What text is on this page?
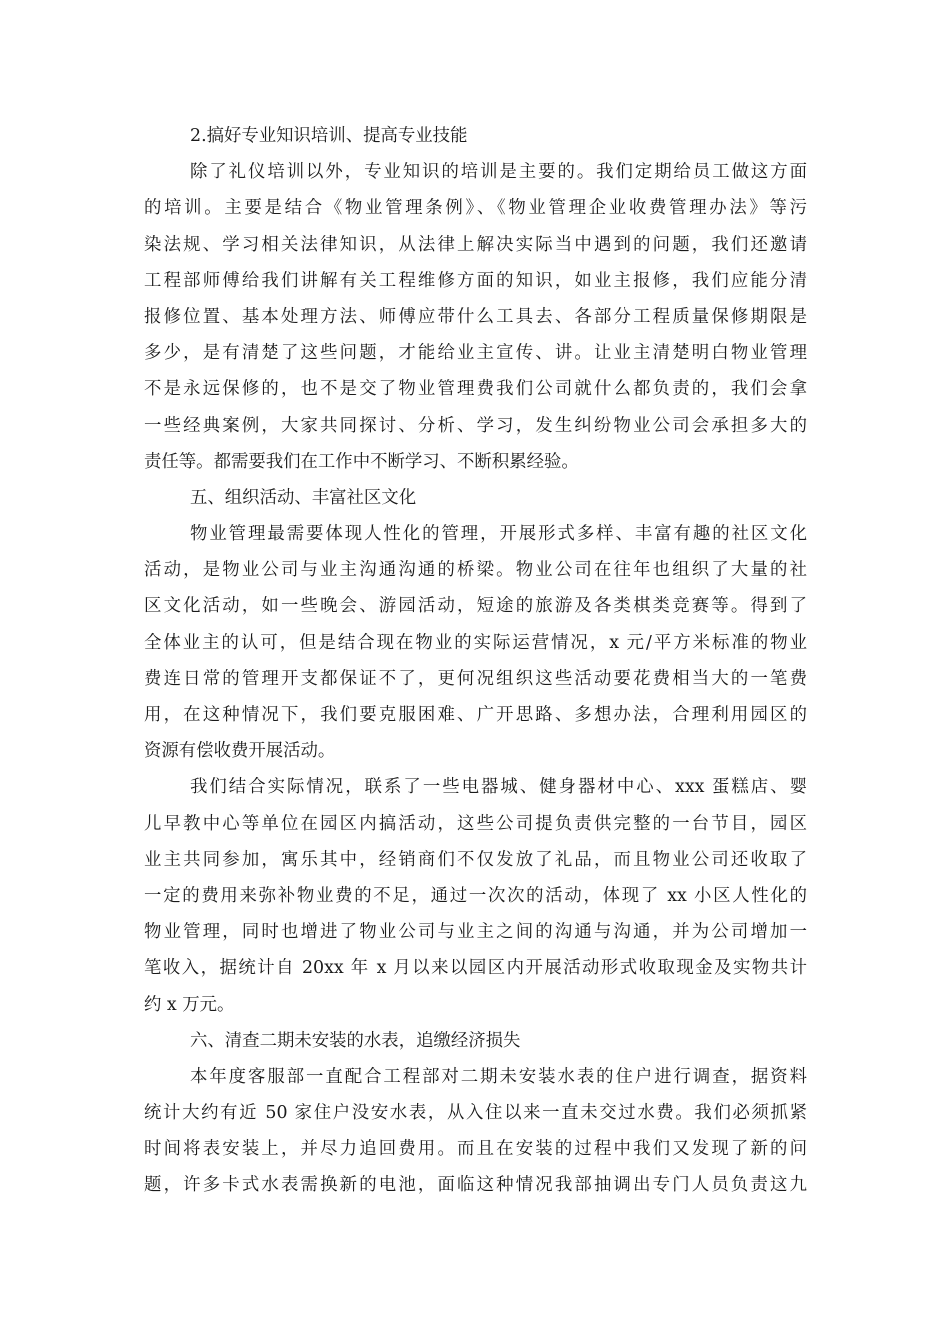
2.搞好专业知识培训、提高专业技能
除了礼仪培训以外，专业知识的培训是主要的。我们定期给员工做这方面
的培训。主要是结合《物业管理条例》、《物业管理企业收费管理办法》等污
染法规、学习相关法律知识，从法律上解决实际当中遇到的问题，我们还邀请
工程部师傅给我们讲解有关工程维修方面的知识，如业主报修，我们应能分清
报修位置、基本处理方法、师傅应带什么工具去、各部分工程质量保修期限是
多少，是有清楚了这些问题，才能给业主宣传、讲。让业主清楚明白物业管理
不是永远保修的，也不是交了物业管理费我们公司就什么都负责的，我们会拿
一些经典案例，大家共同探讨、分析、学习，发生纠纷物业公司会承担多大的
责任等。都需要我们在工作中不断学习、不断积累经验。
五、组织活动、丰富社区文化
物业管理最需要体现人性化的管理，开展形式多样、丰富有趣的社区文化
活动，是物业公司与业主沟通沟通的桥梁。物业公司在往年也组织了大量的社
区文化活动，如一些晚会、游园活动，短途的旅游及各类棋类竞赛等。得到了
全体业主的认可，但是结合现在物业的实际运营情况，x 元/平方米标准的物业
费连日常的管理开支都保证不了，更何况组织这些活动要花费相当大的一笔费
用，在这种情况下，我们要克服困难、广开思路、多想办法，合理利用园区的
资源有偿收费开展活动。
我们结合实际情况，联系了一些电器城、健身器材中心、xxx 蛋糕店、婴
儿早教中心等单位在园区内搞活动，这些公司提负责供完整的一台节目，园区
业主共同参加，寓乐其中，经销商们不仅发放了礼品，而且物业公司还收取了
一定的费用来弥补物业费的不足，通过一次次的活动，体现了 xx 小区人性化的
物业管理，同时也增进了物业公司与业主之间的沟通与沟通，并为公司增加一
笔收入，据统计自 20xx 年 x 月以来以园区内开展活动形式收取现金及实物共计
约 x 万元。
六、清查二期未安装的水表，追缴经济损失
本年度客服部一直配合工程部对二期未安装水表的住户进行调查，据资料
统计大约有近 50 家住户没安水表，从入住以来一直未交过水费。我们必须抓紧
时间将表安装上，并尽力追回费用。而且在安装的过程中我们又发现了新的问
题，许多卡式水表需换新的电池，面临这种情况我部抽调出专门人员负责这九
